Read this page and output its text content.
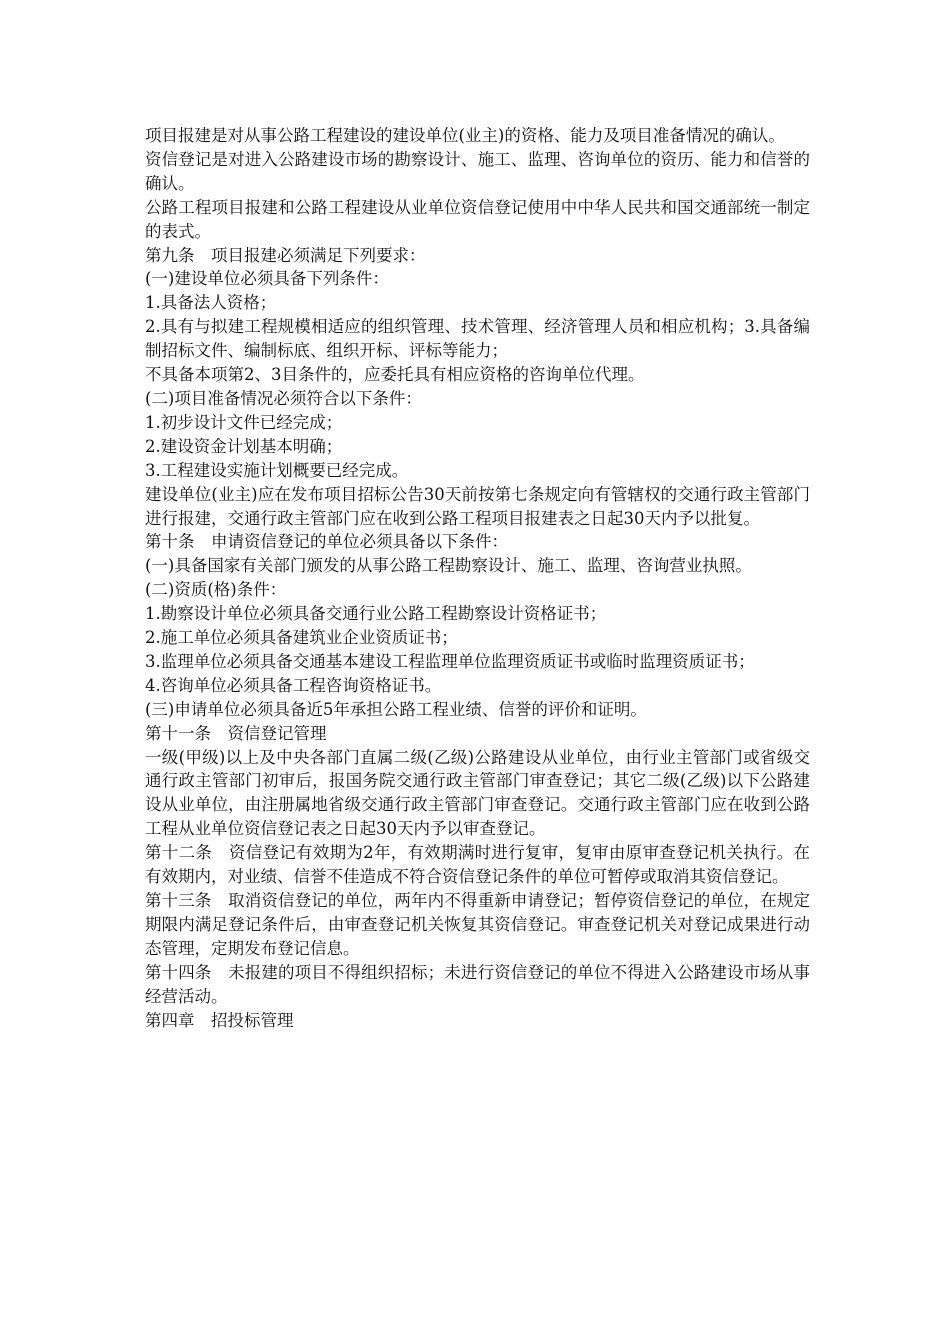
项目报建是对从事公路工程建设的建设单位(业主)的资格、能力及项目准备情况的确认。

资信登记是对进入公路建设市场的勘察设计、施工、监理、咨询单位的资历、能力和信誉的确认。

公路工程项目报建和公路工程建设从业单位资信登记使用中中华人民共和国交通部统一制定的表式。

第九条　项目报建必须满足下列要求：

(一)建设单位必须具备下列条件：

1.具备法人资格；

2.具有与拟建工程规模相适应的组织管理、技术管理、经济管理人员和相应机构；3.具备编制招标文件、编制标底、组织开标、评标等能力；

不具备本项第2、3目条件的，应委托具有相应资格的咨询单位代理。

(二)项目准备情况必须符合以下条件：

1.初步设计文件已经完成；

2.建设资金计划基本明确；

3.工程建设实施计划概要已经完成。

建设单位(业主)应在发布项目招标公告30天前按第七条规定向有管辖权的交通行政主管部门进行报建，交通行政主管部门应在收到公路工程项目报建表之日起30天内予以批复。

第十条　申请资信登记的单位必须具备以下条件：

(一)具备国家有关部门颁发的从事公路工程勘察设计、施工、监理、咨询营业执照。

(二)资质(格)条件：

1.勘察设计单位必须具备交通行业公路工程勘察设计资格证书；

2.施工单位必须具备建筑业企业资质证书；

3.监理单位必须具备交通基本建设工程监理单位监理资质证书或临时监理资质证书；

4.咨询单位必须具备工程咨询资格证书。

(三)申请单位必须具备近5年承担公路工程业绩、信誉的评价和证明。

第十一条　资信登记管理

一级(甲级)以上及中央各部门直属二级(乙级)公路建设从业单位，由行业主管部门或省级交通行政主管部门初审后，报国务院交通行政主管部门审查登记；其它二级(乙级)以下公路建设从业单位，由注册属地省级交通行政主管部门审查登记。交通行政主管部门应在收到公路工程从业单位资信登记表之日起30天内予以审查登记。

第十二条　资信登记有效期为2年，有效期满时进行复审，复审由原审查登记机关执行。在有效期内，对业绩、信誉不佳造成不符合资信登记条件的单位可暂停或取消其资信登记。

第十三条　取消资信登记的单位，两年内不得重新申请登记；暂停资信登记的单位，在规定期限内满足登记条件后，由审查登记机关恢复其资信登记。审查登记机关对登记成果进行动态管理，定期发布登记信息。

第十四条　未报建的项目不得组织招标；未进行资信登记的单位不得进入公路建设市场从事经营活动。

第四章　招投标管理
